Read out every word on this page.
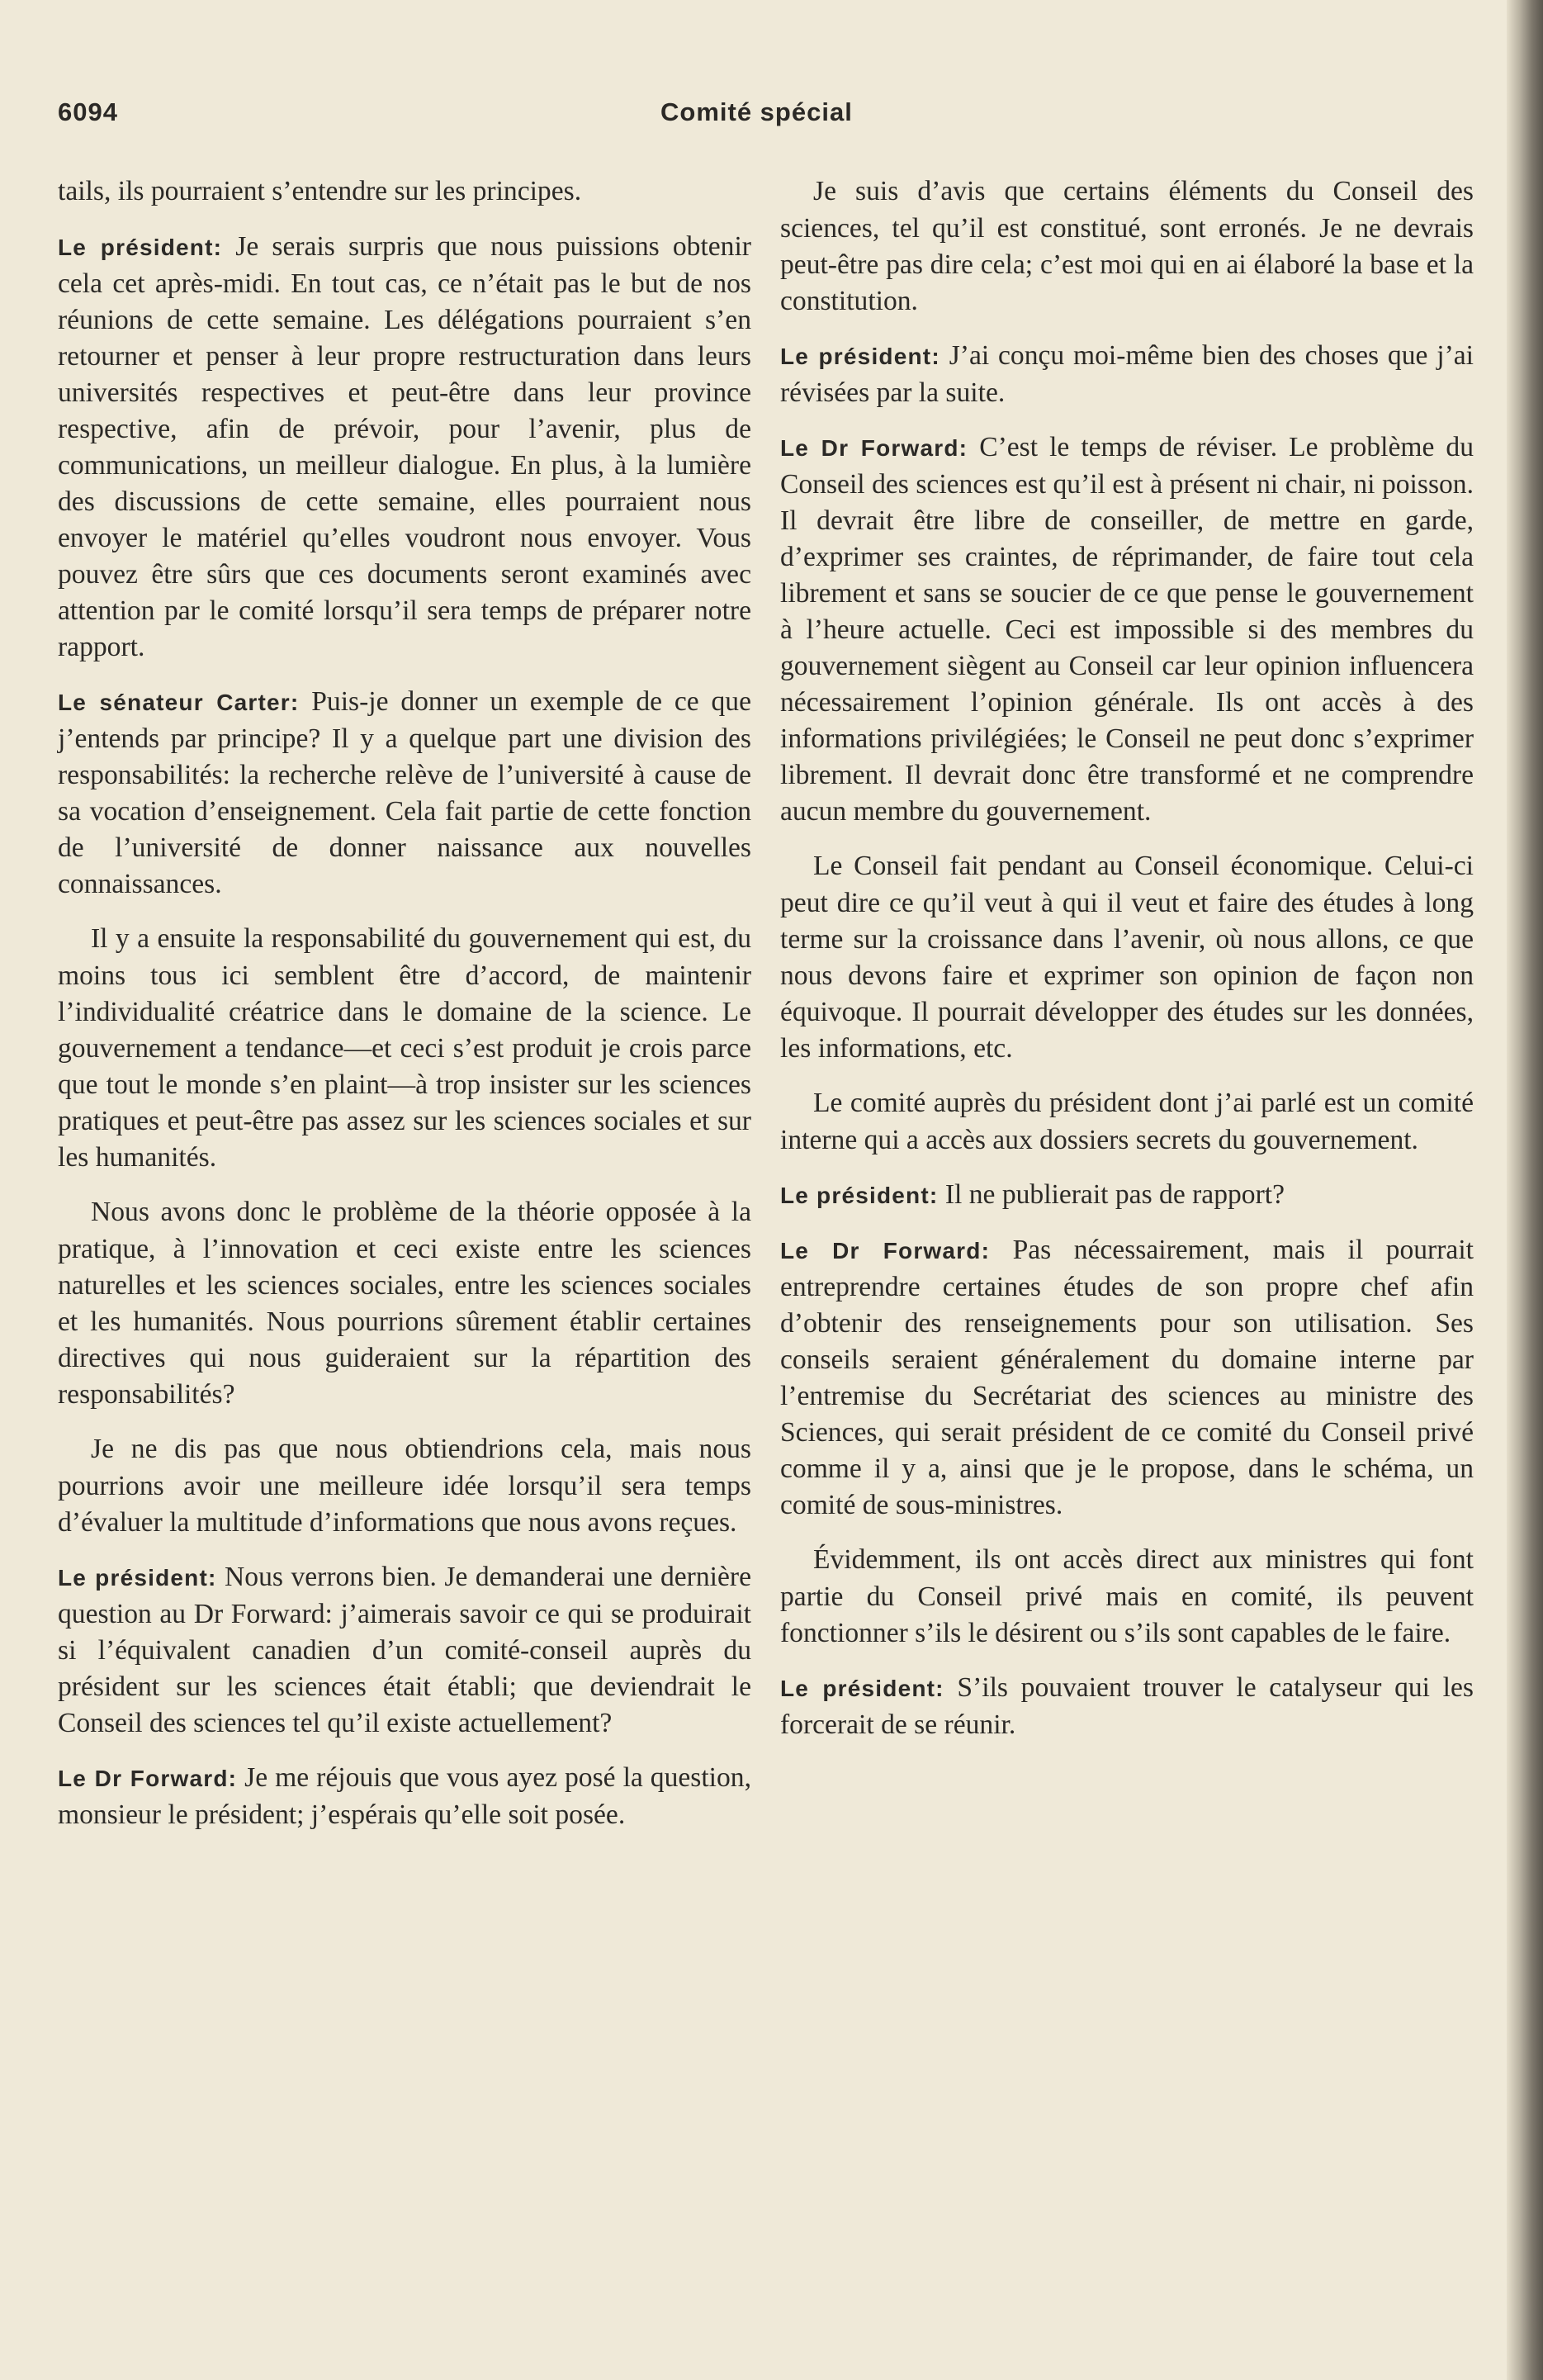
6094	Comité spécial

tails, ils pourraient s’entendre sur les principes.

Le président: Je serais surpris que nous puissions obtenir cela cet après-midi. En tout cas, ce n’était pas le but de nos réunions de cette semaine. Les délégations pourraient s’en retourner et penser à leur propre restructuration dans leurs universités respectives et peut-être dans leur province respective, afin de prévoir, pour l’avenir, plus de communications, un meilleur dialogue. En plus, à la lumière des discussions de cette semaine, elles pourraient nous envoyer le matériel qu’elles voudront nous envoyer. Vous pouvez être sûrs que ces documents seront examinés avec attention par le comité lorsqu’il sera temps de préparer notre rapport.

Le sénateur Carter: Puis-je donner un exemple de ce que j’entends par principe? Il y a quelque part une division des responsabilités: la recherche relève de l’université à cause de sa vocation d’enseignement. Cela fait partie de cette fonction de l’université de donner naissance aux nouvelles connaissances.

Il y a ensuite la responsabilité du gouvernement qui est, du moins tous ici semblent être d’accord, de maintenir l’individualité créatrice dans le domaine de la science. Le gouvernement a tendance—et ceci s’est produit je crois parce que tout le monde s’en plaint—à trop insister sur les sciences pratiques et peut-être pas assez sur les sciences sociales et sur les humanités.

Nous avons donc le problème de la théorie opposée à la pratique, à l’innovation et ceci existe entre les sciences naturelles et les sciences sociales, entre les sciences sociales et les humanités. Nous pourrions sûrement établir certaines directives qui nous guideraient sur la répartition des responsabilités?

Je ne dis pas que nous obtiendrions cela, mais nous pourrions avoir une meilleure idée lorsqu’il sera temps d’évaluer la multitude d’informations que nous avons reçues.

Le président: Nous verrons bien. Je demanderai une dernière question au Dr Forward: j’aimerais savoir ce qui se produirait si l’équivalent canadien d’un comité-conseil auprès du président sur les sciences était établi; que deviendrait le Conseil des sciences tel qu’il existe actuellement?

Le Dr Forward: Je me réjouis que vous ayez posé la question, monsieur le président; j’espérais qu’elle soit posée.

Je suis d’avis que certains éléments du Conseil des sciences, tel qu’il est constitué, sont erronés. Je ne devrais peut-être pas dire cela; c’est moi qui en ai élaboré la base et la constitution.

Le président: J’ai conçu moi-même bien des choses que j’ai révisées par la suite.

Le Dr Forward: C’est le temps de réviser. Le problème du Conseil des sciences est qu’il est à présent ni chair, ni poisson. Il devrait être libre de conseiller, de mettre en garde, d’exprimer ses craintes, de réprimander, de faire tout cela librement et sans se soucier de ce que pense le gouvernement à l’heure actuelle. Ceci est impossible si des membres du gouvernement siègent au Conseil car leur opinion influencera nécessairement l’opinion générale. Ils ont accès à des informations privilégiées; le Conseil ne peut donc s’exprimer librement. Il devrait donc être transformé et ne comprendre aucun membre du gouvernement.

Le Conseil fait pendant au Conseil économique. Celui-ci peut dire ce qu’il veut à qui il veut et faire des études à long terme sur la croissance dans l’avenir, où nous allons, ce que nous devons faire et exprimer son opinion de façon non équivoque. Il pourrait développer des études sur les données, les informations, etc.

Le comité auprès du président dont j’ai parlé est un comité interne qui a accès aux dossiers secrets du gouvernement.

Le président: Il ne publierait pas de rapport?

Le Dr Forward: Pas nécessairement, mais il pourrait entreprendre certaines études de son propre chef afin d’obtenir des renseignements pour son utilisation. Ses conseils seraient généralement du domaine interne par l’entremise du Secrétariat des sciences au ministre des Sciences, qui serait président de ce comité du Conseil privé comme il y a, ainsi que je le propose, dans le schéma, un comité de sous-ministres.

Évidemment, ils ont accès direct aux ministres qui font partie du Conseil privé mais en comité, ils peuvent fonctionner s’ils le désirent ou s’ils sont capables de le faire.

Le président: S’ils pouvaient trouver le catalyseur qui les forcerait de se réunir.
